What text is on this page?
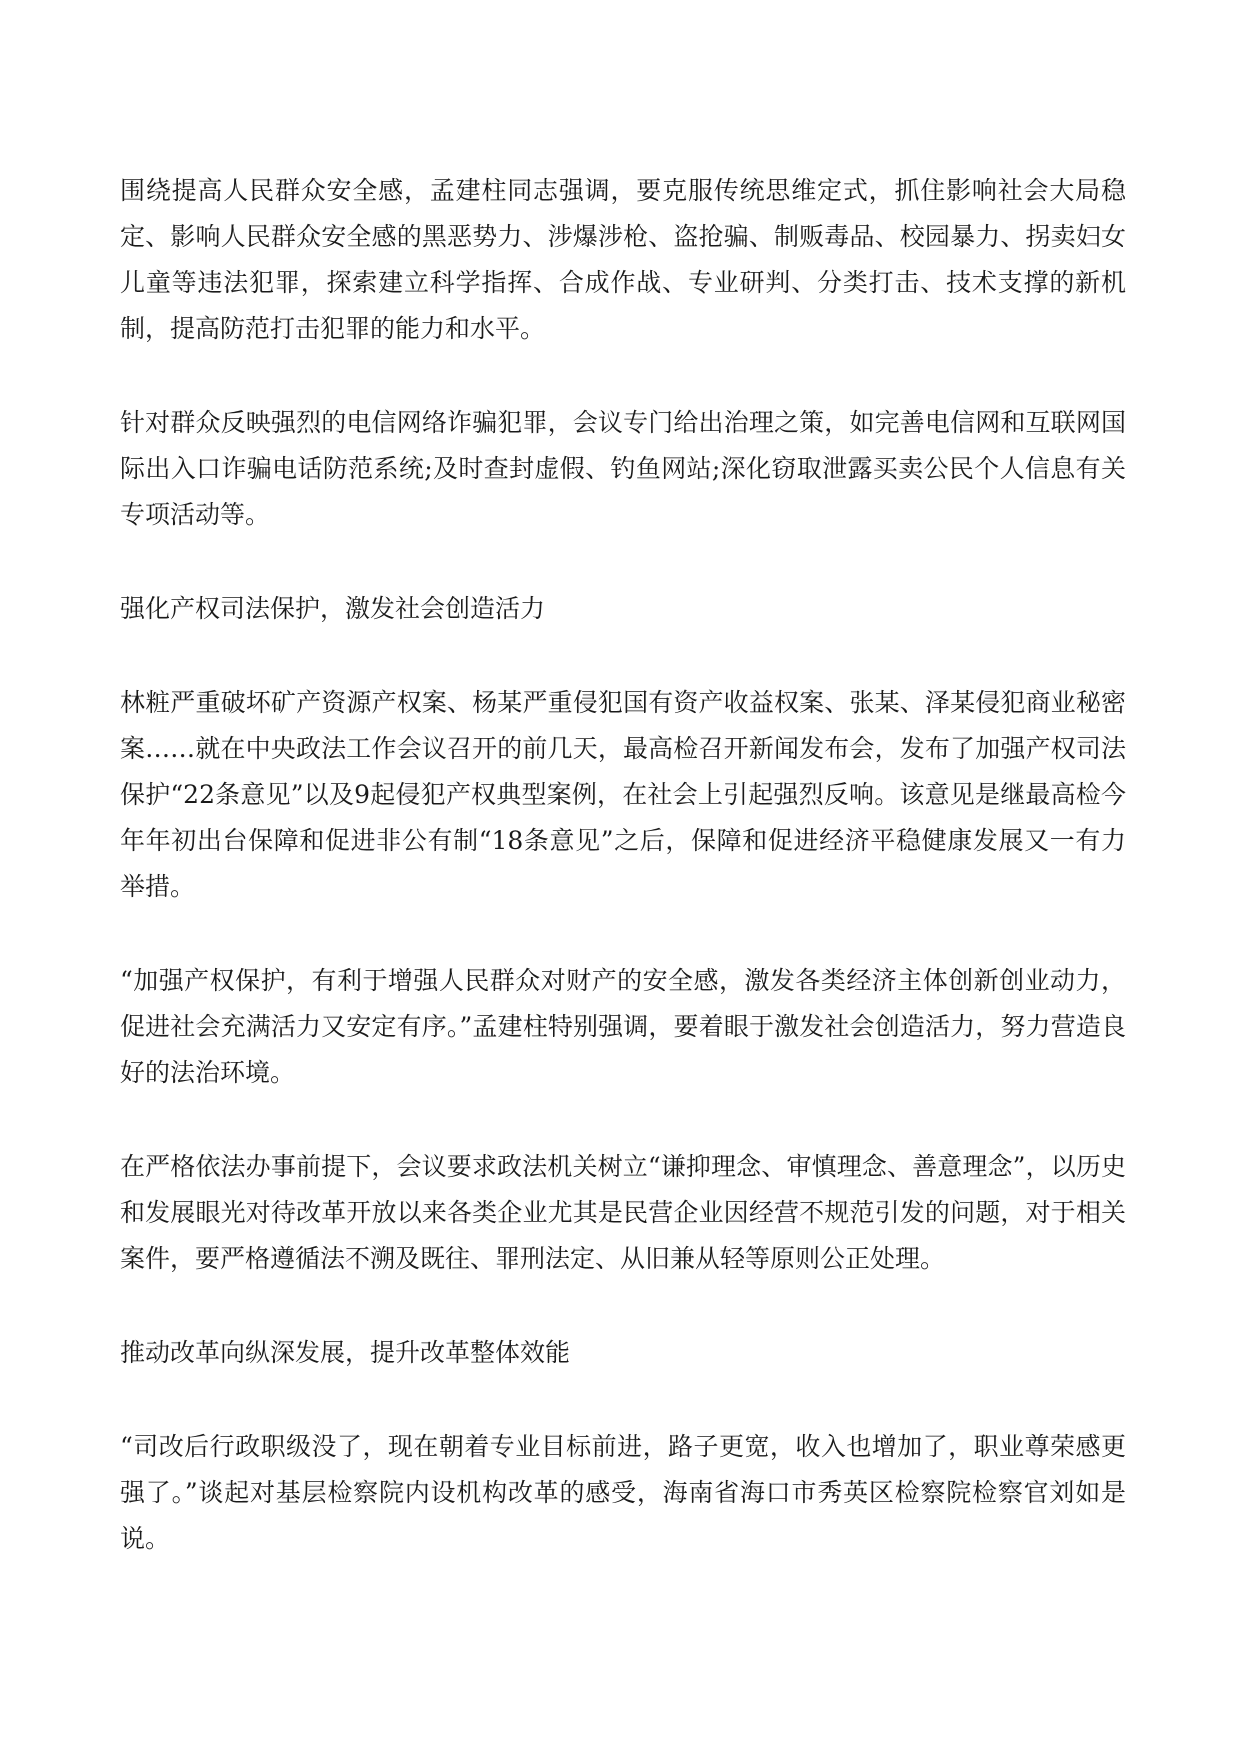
围绕提高人民群众安全感，孟建柱同志强调，要克服传统思维定式，抓住影响社会大局稳定、影响人民群众安全感的黑恶势力、涉爆涉枪、盗抢骗、制贩毒品、校园暴力、拐卖妇女儿童等违法犯罪，探索建立科学指挥、合成作战、专业研判、分类打击、技术支撑的新机制，提高防范打击犯罪的能力和水平。

针对群众反映强烈的电信网络诈骗犯罪，会议专门给出治理之策，如完善电信网和互联网国际出入口诈骗电话防范系统;及时查封虚假、钓鱼网站;深化窃取泄露买卖公民个人信息有关专项活动等。

强化产权司法保护，激发社会创造活力

林粧严重破坏矿产资源产权案、杨某严重侵犯国有资产收益权案、张某、泽某侵犯商业秘密案……就在中央政法工作会议召开的前几天，最高检召开新闻发布会，发布了加强产权司法保护“22条意见”以及9起侵犯产权典型案例，在社会上引起强烈反响。该意见是继最高检今年年初出台保障和促进非公有制“18条意见”之后，保障和促进经济平稳健康发展又一有力举措。

“加强产权保护，有利于增强人民群众对财产的安全感，激发各类经济主体创新创业动力，促进社会充满活力又安定有序。”孟建柱特别强调，要着眼于激发社会创造活力，努力营造良好的法治环境。

在严格依法办事前提下，会议要求政法机关树立“谦抑理念、审慎理念、善意理念”，以历史和发展眼光对待改革开放以来各类企业尤其是民营企业因经营不规范引发的问题，对于相关案件，要严格遵循法不溯及既往、罪刑法定、从旧兼从轻等原则公正处理。

推动改革向纵深发展，提升改革整体效能

“司改后行政职级没了，现在朝着专业目标前进，路子更宽，收入也增加了，职业尊荣感更强了。”谈起对基层检察院内设机构改革的感受，海南省海口市秀英区检察院检察官刘如是说。
